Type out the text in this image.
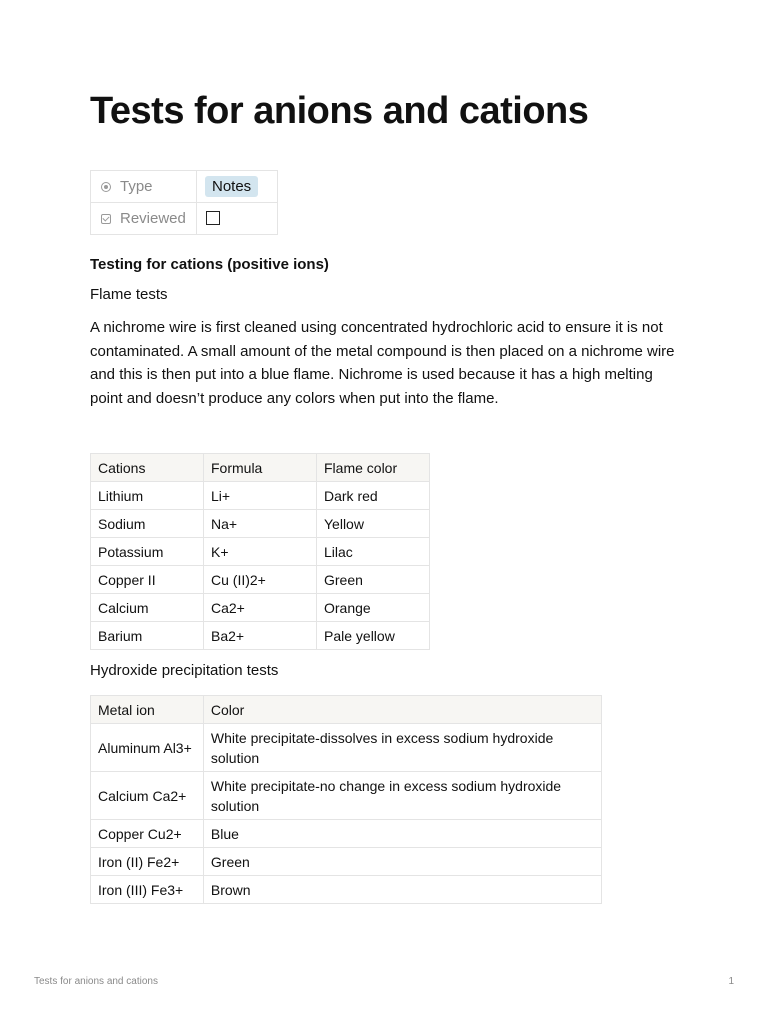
Tests for anions and cations
Type	Notes
Reviewed	
Testing for cations (positive ions)

Flame tests

A nichrome wire is first cleaned using concentrated hydrochloric acid to ensure it is not contaminated. A small amount of the metal compound is then placed on a nichrome wire and this is then put into a blue flame. Nichrome is used because it has a high melting point and doesn’t produce any colors when put into the flame.

Cations	Formula	Flame color
Lithium	Li+	Dark red
Sodium	Na+	Yellow
Potassium	K+	Lilac
Copper II	Cu (II)2+	Green
Calcium	Ca2+	Orange
Barium	Ba2+	Pale yellow

Hydroxide precipitation tests

Metal ion	Color
Aluminum Al3+	White precipitate-dissolves in excess sodium hydroxide solution
Calcium Ca2+	White precipitate-no change in excess sodium hydroxide solution
Copper Cu2+	Blue
Iron (II) Fe2+	Green
Iron (III) Fe3+	Brown
Tests for anions and cations	1
